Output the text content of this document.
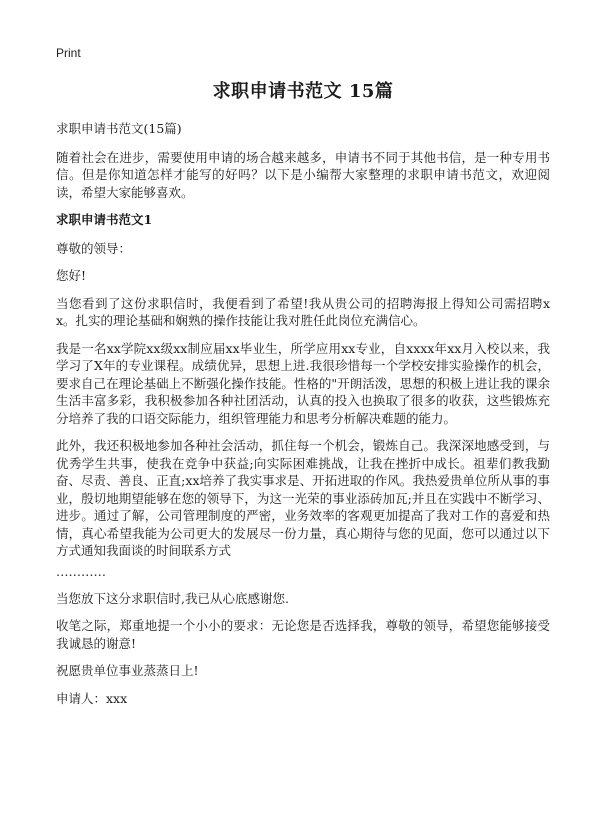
Print
求职申请书范文 15篇

求职申请书范文(15篇)

随着社会在进步，需要使用申请的场合越来越多，申请书不同于其他书信，是一种专用书信。但是你知道怎样才能写的好吗？以下是小编帮大家整理的求职申请书范文，欢迎阅读，希望大家能够喜欢。

求职申请书范文1

尊敬的领导：

您好!

当您看到了这份求职信时，我便看到了希望!我从贵公司的招聘海报上得知公司需招聘xx。扎实的理论基础和娴熟的操作技能让我对胜任此岗位充满信心。

我是一名xx学院xx级xx制应届xx毕业生，所学应用xx专业，自xxxx年xx月入校以来，我学习了X年的专业课程。成绩优异，思想上进.我很珍惜每一个学校安排实验操作的机会，要求自己在理论基础上不断强化操作技能。性格的"开朗活泼，思想的积极上进让我的课余生活丰富多彩，我积极参加各种社团活动，认真的投入也换取了很多的收获，这些锻炼充分培养了我的口语交际能力，组织管理能力和思考分析解决难题的能力。

此外，我还积极地参加各种社会活动，抓住每一个机会，锻炼自己。我深深地感受到，与优秀学生共事，使我在竞争中获益;向实际困难挑战，让我在挫折中成长。祖辈们教我勤奋、尽责、善良、正直;xx培养了我实事求是、开拓进取的作风。我热爱贵单位所从事的事业，殷切地期望能够在您的领导下，为这一光荣的事业添砖加瓦;并且在实践中不断学习、进步。通过了解，公司管理制度的严密，业务效率的客观更加提高了我对工作的喜爱和热情，真心希望我能为公司更大的发展尽一份力量，真心期待与您的见面，您可以通过以下方式通知我面谈的时间联系方式

…………

当您放下这分求职信时,我已从心底感谢您.

收笔之际，郑重地提一个小小的要求：无论您是否选择我，尊敬的领导，希望您能够接受我诚恳的谢意!

祝愿贵单位事业蒸蒸日上!

申请人：xxx
